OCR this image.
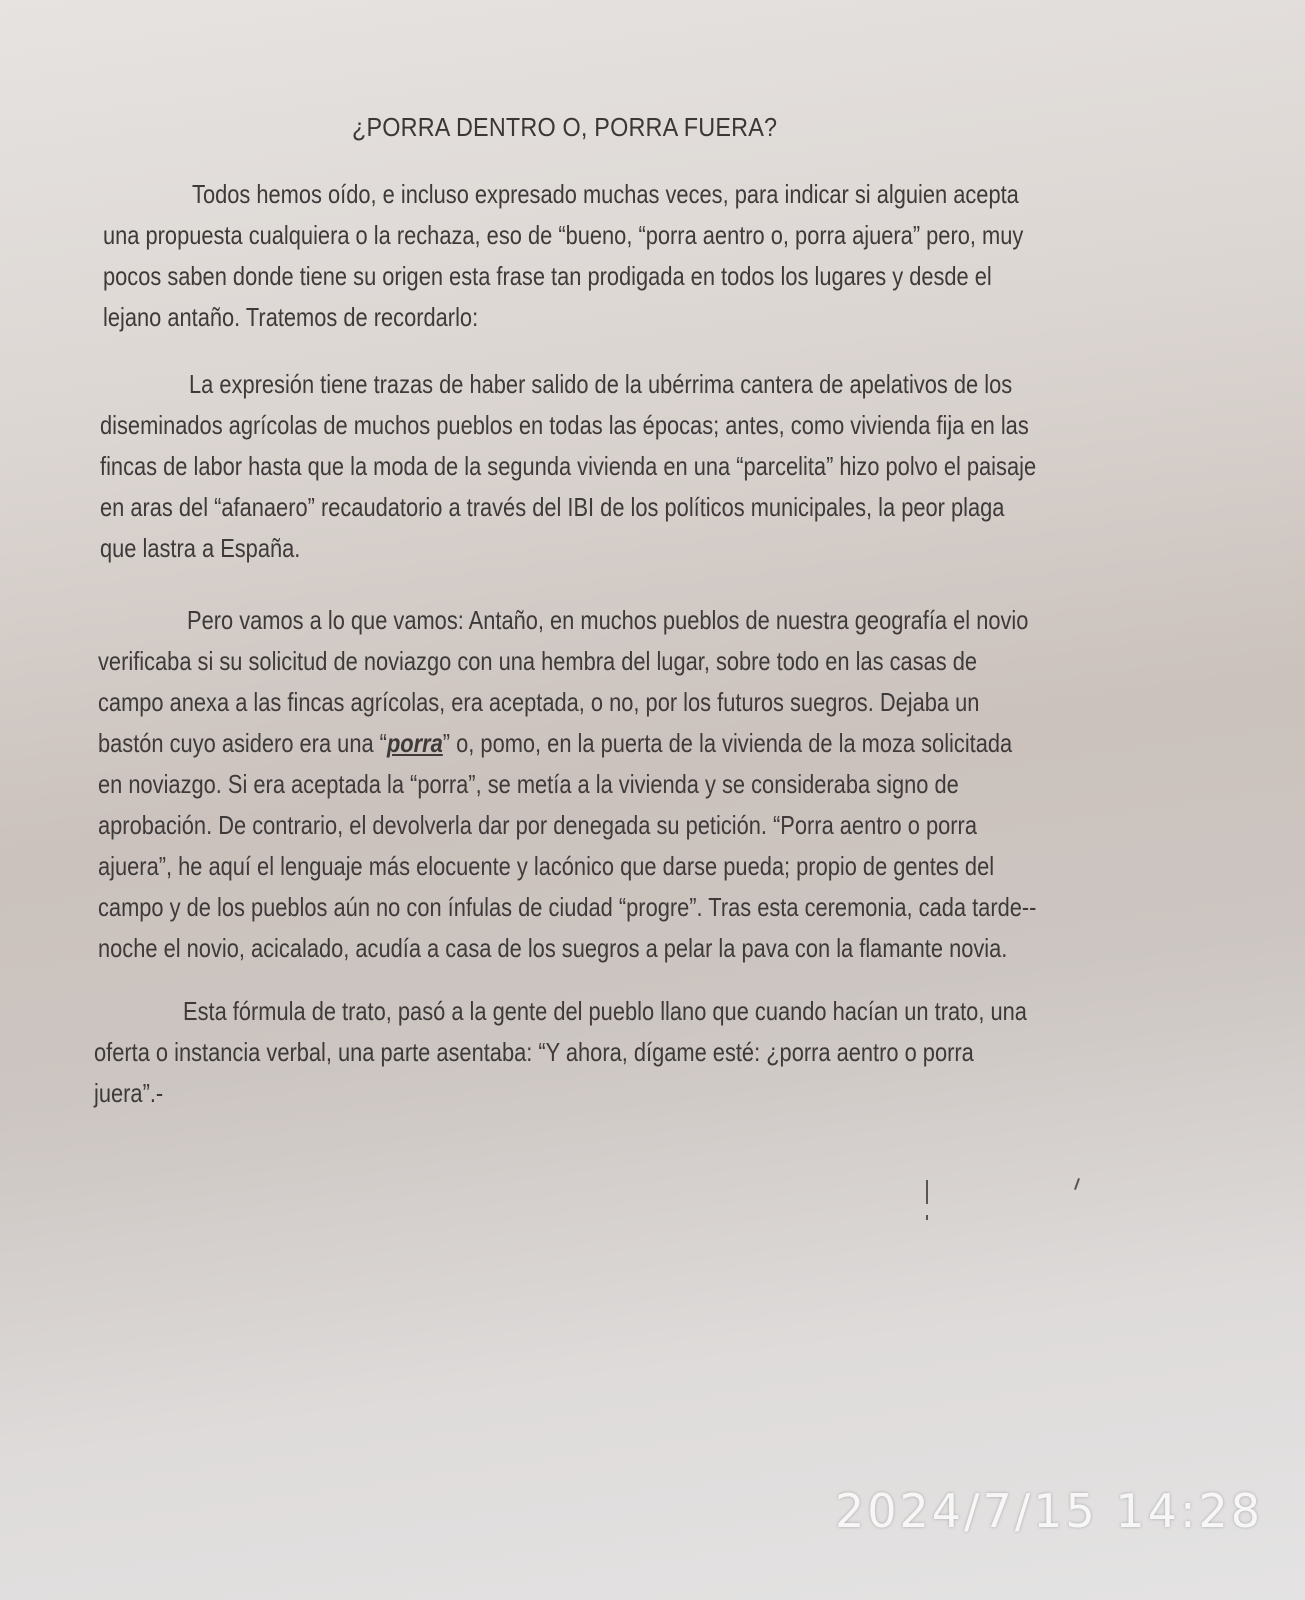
¿PORRA DENTRO O, PORRA FUERA?

Todos hemos oído, e incluso expresado muchas veces, para indicar si alguien acepta
una propuesta cualquiera o la rechaza, eso de “bueno, “porra aentro o, porra ajuera” pero, muy
pocos saben donde tiene su origen esta frase tan prodigada en todos los lugares y desde el
lejano antaño. Tratemos de recordarlo:

La expresión tiene trazas de haber salido de la ubérrima cantera de apelativos de los
diseminados agrícolas de muchos pueblos en todas las épocas; antes, como vivienda fija en las
fincas de labor hasta que la moda de la segunda vivienda en una “parcelita” hizo polvo el paisaje
en aras del “afanaero” recaudatorio a través del IBI de los políticos municipales, la peor plaga
que lastra a España.

Pero vamos a lo que vamos: Antaño, en muchos pueblos de nuestra geografía el novio
verificaba si su solicitud de noviazgo con una hembra del lugar, sobre todo en las casas de
campo anexa a las fincas agrícolas, era aceptada, o no, por los futuros suegros. Dejaba un
bastón cuyo asidero era una “porra” o, pomo, en la puerta de la vivienda de la moza solicitada
en noviazgo. Si era aceptada la “porra”, se metía a la vivienda y se consideraba signo de
aprobación. De contrario, el devolverla dar por denegada su petición. “Porra aentro o porra
ajuera”, he aquí el lenguaje más elocuente y lacónico que darse pueda; propio de gentes del
campo y de los pueblos aún no con ínfulas de ciudad “progre”. Tras esta ceremonia, cada tarde--
noche el novio, acicalado, acudía a casa de los suegros a pelar la pava con la flamante novia.

Esta fórmula de trato, pasó a la gente del pueblo llano que cuando hacían un trato, una
oferta o instancia verbal, una parte asentaba: “Y ahora, dígame esté: ¿porra aentro o porra
juera”.-

2024/7/15 14:28
